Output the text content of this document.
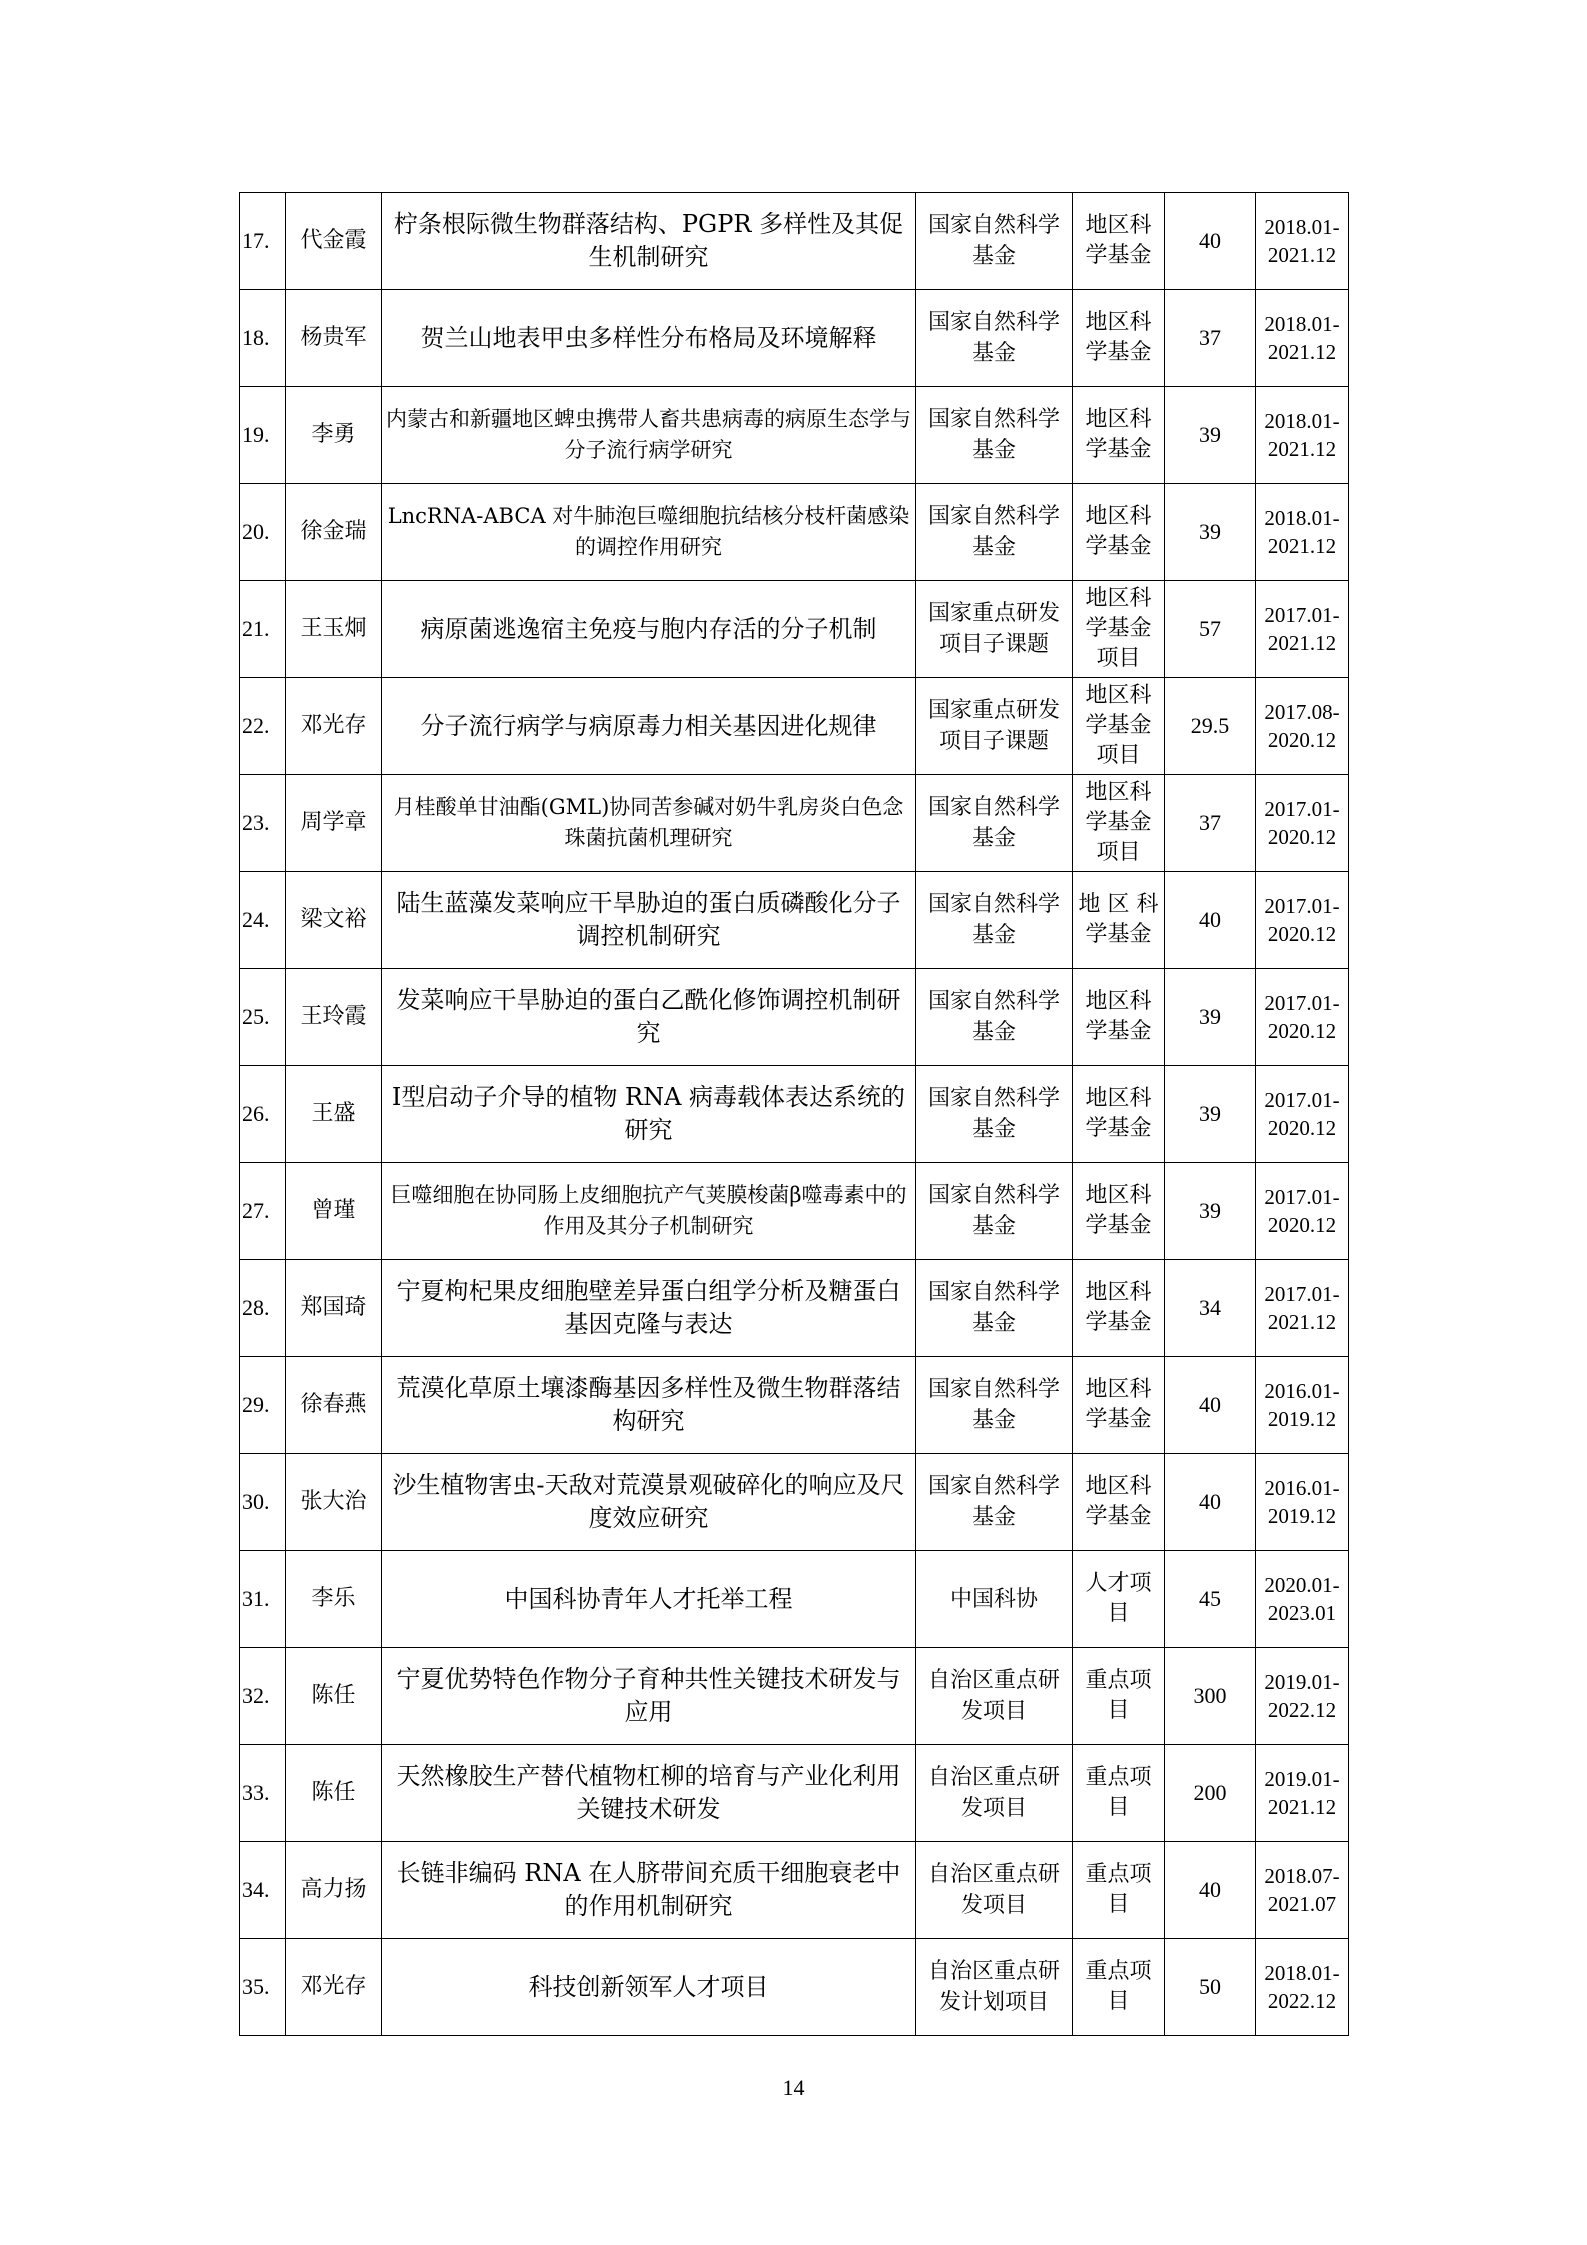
17.	代金霞	柠条根际微生物群落结构、PGPR 多样性及其促生机制研究	国家自然科学基金	地区科学基金	40	2018.01-2021.12
18.	杨贵军	贺兰山地表甲虫多样性分布格局及环境解释	国家自然科学基金	地区科学基金	37	2018.01-2021.12
19.	李勇	内蒙古和新疆地区蜱虫携带人畜共患病毒的病原生态学与分子流行病学研究	国家自然科学基金	地区科学基金	39	2018.01-2021.12
20.	徐金瑞	LncRNA-ABCA 对牛肺泡巨噬细胞抗结核分枝杆菌感染的调控作用研究	国家自然科学基金	地区科学基金	39	2018.01-2021.12
21.	王玉炯	病原菌逃逸宿主免疫与胞内存活的分子机制	国家重点研发项目子课题	地区科学基金项目	57	2017.01-2021.12
22.	邓光存	分子流行病学与病原毒力相关基因进化规律	国家重点研发项目子课题	地区科学基金项目	29.5	2017.08-2020.12
23.	周学章	月桂酸单甘油酯(GML)协同苦参碱对奶牛乳房炎白色念珠菌抗菌机理研究	国家自然科学基金	地区科学基金项目	37	2017.01-2020.12
24.	梁文裕	陆生蓝藻发菜响应干旱胁迫的蛋白质磷酸化分子调控机制研究	国家自然科学基金	地 区 科学基金	40	2017.01-2020.12
25.	王玲霞	发菜响应干旱胁迫的蛋白乙酰化修饰调控机制研究	国家自然科学基金	地区科学基金	39	2017.01-2020.12
26.	王盛	Ⅰ型启动子介导的植物 RNA 病毒载体表达系统的研究	国家自然科学基金	地区科学基金	39	2017.01-2020.12
27.	曾瑾	巨噬细胞在协同肠上皮细胞抗产气荚膜梭菌β噬毒素中的作用及其分子机制研究	国家自然科学基金	地区科学基金	39	2017.01-2020.12
28.	郑国琦	宁夏枸杞果皮细胞壁差异蛋白组学分析及糖蛋白基因克隆与表达	国家自然科学基金	地区科学基金	34	2017.01-2021.12
29.	徐春燕	荒漠化草原土壤漆酶基因多样性及微生物群落结构研究	国家自然科学基金	地区科学基金	40	2016.01-2019.12
30.	张大治	沙生植物害虫-天敌对荒漠景观破碎化的响应及尺度效应研究	国家自然科学基金	地区科学基金	40	2016.01-2019.12
31.	李乐	中国科协青年人才托举工程	中国科协	人才项目	45	2020.01-2023.01
32.	陈任	宁夏优势特色作物分子育种共性关键技术研发与应用	自治区重点研发项目	重点项目	300	2019.01-2022.12
33.	陈任	天然橡胶生产替代植物杠柳的培育与产业化利用关键技术研发	自治区重点研发项目	重点项目	200	2019.01-2021.12
34.	高力扬	长链非编码 RNA 在人脐带间充质干细胞衰老中的作用机制研究	自治区重点研发项目	重点项目	40	2018.07-2021.07
35.	邓光存	科技创新领军人才项目	自治区重点研发计划项目	重点项目	50	2018.01-2022.12
14
